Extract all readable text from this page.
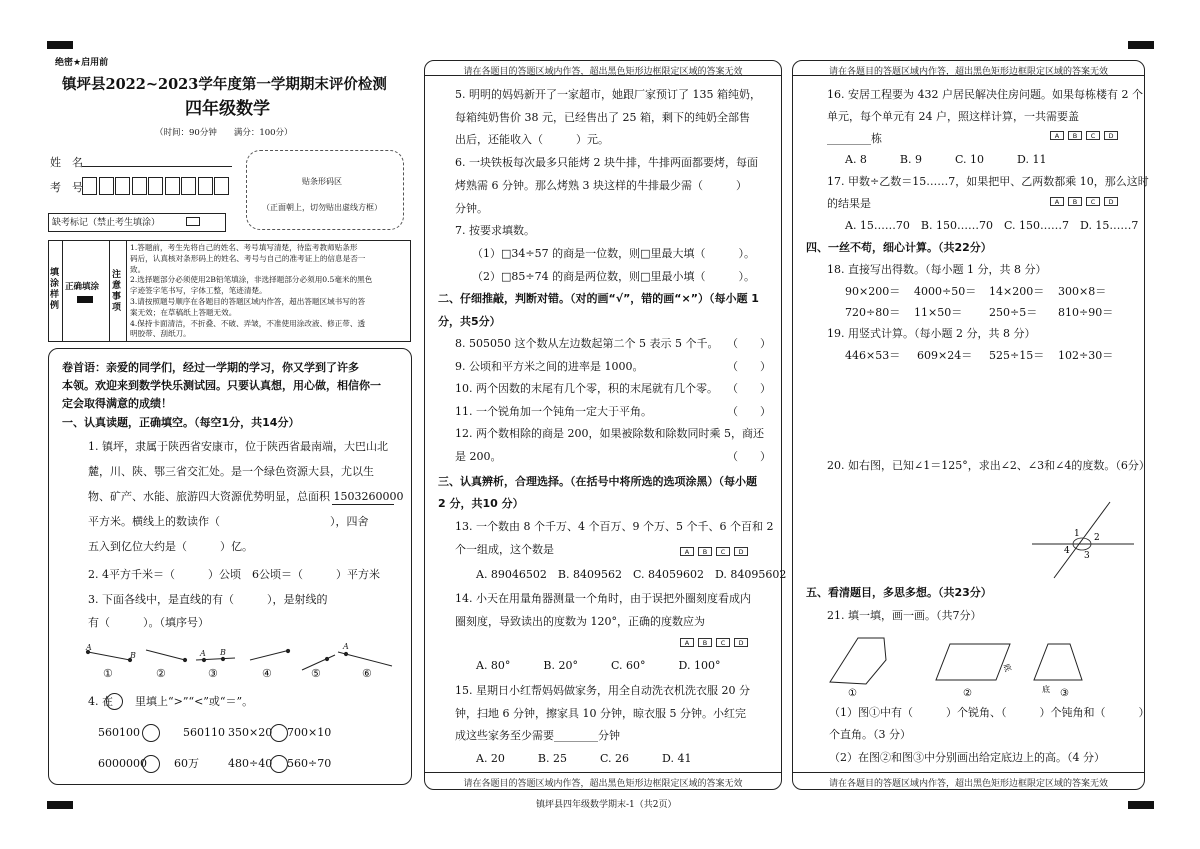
绝密★启用前
镇坪县2022~2023学年度第一学期期末评价检测
四年级数学
（时间：90分钟　　满分：100分）
姓　名
考　号	贴条形码区
（正面朝上，切勿贴出虚线方框）
缺考标记（禁止考生填涂）
填涂样例
正确填涂
注意事项
1.答题前，考生先将自己的姓名、考号填写清楚，待监考教师贴条形
码后，认真核对条形码上的姓名、考号与自己的准考证上的信息是否一
致。
2.选择题部分必须使用2B铅笔填涂，非选择题部分必须用0.5毫米的黑色
字迹签字笔书写，字体工整，笔迹清楚。
3.请按照题号顺序在各题目的答题区域内作答，超出答题区域书写的答
案无效；在草稿纸上答题无效。
4.保持卡面清洁，不折叠、不破、弄皱，不准使用涂改液、修正带、透
明胶带、刮纸刀。
卷首语：亲爱的同学们，经过一学期的学习，你又学到了许多
本领。欢迎来到数学快乐测试园。只要认真想，用心做，相信你一
定会取得满意的成绩！
一、认真读题，正确填空。（每空1分，共14分）
1. 镇坪，隶属于陕西省安康市，位于陕西省最南端，大巴山北
麓，川、陕、鄂三省交汇处。是一个绿色资源大县，尤以生
物、矿产、水能、旅游四大资源优势明显，总面积 1503260000
平方米。横线上的数读作（　　　　　　　　　　），四舍
五入到亿位大约是（　　　）亿。
2. 4平方千米＝（　　　）公顷　6公顷＝（　　　）平方米
3. 下面各线中，是直线的有（　　　），是射线的
有（　　　）。（填序号）
A
B	A B
A
①	②	③	④	⑤	⑥
4. 在　　里填上“>”“<”或“＝”。
560100	560110 350×20 700×10
6000000 60万	480÷40 560÷70
请在各题目的答题区域内作答，超出黑色矩形边框限定区域的答案无效
请在各题目的答题区域内作答，超出黑色矩形边框限定区域的答案无效
5. 明明的妈妈新开了一家超市，她跟厂家预订了 135 箱纯奶，
每箱纯奶售价 38 元，已经售出了 25 箱，剩下的纯奶全部售
出后，还能收入（　　　）元。
6. 一块铁板每次最多只能烤 2 块牛排，牛排两面都要烤，每面
烤熟需 6 分钟。那么烤熟 3 块这样的牛排最少需（　　　）
分钟。
7. 按要求填数。
（1）□34÷57 的商是一位数，则□里最大填（　　　）。
（2）□85÷74 的商是两位数，则□里最小填（　　　）。
二、仔细推敲，判断对错。（对的画“√”，错的画“×”）（每小题 1
分，共5分）
8. 505050 这个数从左边数起第二个 5 表示 5 个千。
9. 公顷和平方米之间的进率是 1000。
10. 两个因数的末尾有几个零，积的末尾就有几个零。
11. 一个锐角加一个钝角一定大于平角。
12. 两个数相除的商是 200，如果被除数和除数同时乘 5，商还
是 200。
（　　）
（　　）
（　　）
（　　）
（　　）
三、认真辨析，合理选择。（在括号中将所选的选项涂黑）（每小题
2 分，共10 分）
13. 一个数由 8 个千万、4 个百万、9 个万、5 个千、6 个百和 2
个一组成，这个数是
A. 89046502　B. 8409562　C. 84059602　D. 84095602
14. 小天在用量角器测量一个角时，由于误把外圈刻度看成内
圈刻度，导致读出的度数为 120°，正确的度数应为
A. 80°　　　B. 20°　　　C. 60°　　　D. 100°
15. 星期日小红帮妈妈做家务，用全自动洗衣机洗衣服 20 分
钟，扫地 6 分钟，擦家具 10 分钟，晾衣服 5 分钟。小红完
成这些家务至少需要________分钟
A. 20　　　B. 25　　　C. 26　　　D. 41
请在各题目的答题区域内作答，超出黑色矩形边框限定区域的答案无效
请在各题目的答题区域内作答，超出黑色矩形边框限定区域的答案无效
16. 安居工程要为 432 户居民解决住房问题。如果每栋楼有 2 个
单元，每个单元有 24 户，照这样计算，一共需要盖
________栋
A. 8　　　B. 9　　　C. 10　　　D. 11
17. 甲数÷乙数＝15……7，如果把甲、乙两数都乘 10，那么这时
的结果是
A. 15……70　B. 150……70　C. 150……7　D. 15……7
四、一丝不苟，细心计算。（共22分）
18. 直接写出得数。（每小题 1 分，共 8 分）
90×200＝ 4000÷50＝ 14×200＝ 300×8＝
720÷80＝ 11×50＝ 250÷5＝ 810÷90＝
19. 用竖式计算。（每小题 2 分，共 8 分）
446×53＝ 609×24＝ 525÷15＝ 102÷30＝
20. 如右图，已知∠1＝125°，求出∠2、∠3和∠4的度数。（6分）
1 2
3
4
五、看清题目，多思多想。（共23分）
21. 填一填，画一画。（共7分）
①	②	③
底
底
（1）图①中有（　　　）个锐角、（　　　）个钝角和（　　　）
个直角。（3 分）
（2）在图②和图③中分别画出给定底边上的高。（4 分）
镇坪县四年级数学期末-1（共2页）
A	B	C	D
A	B	C	D
A	B	C	D
A	B	C	D
